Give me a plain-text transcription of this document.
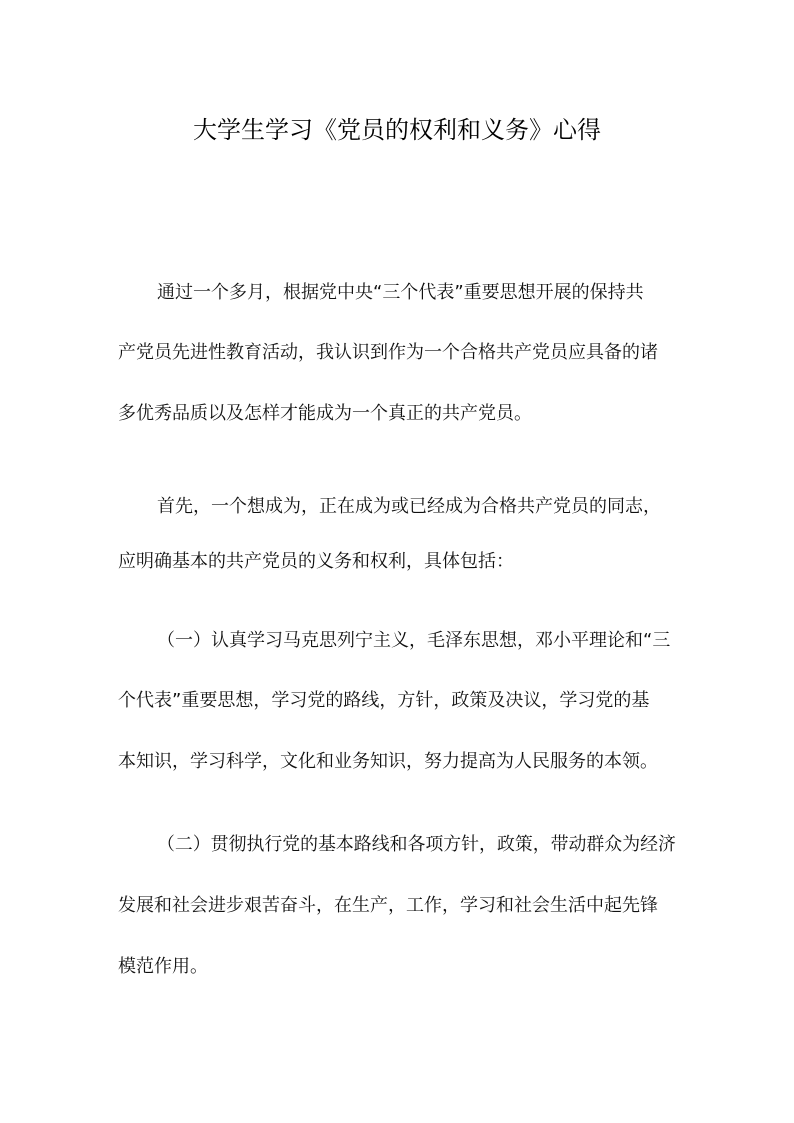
大学生学习《党员的权利和义务》心得
通过一个多月，根据党中央“三个代表”重要思想开展的保持共
产党员先进性教育活动，我认识到作为一个合格共产党员应具备的诸
多优秀品质以及怎样才能成为一个真正的共产党员。
首先，一个想成为，正在成为或已经成为合格共产党员的同志，
应明确基本的共产党员的义务和权利，具体包括：
（一）认真学习马克思列宁主义，毛泽东思想，邓小平理论和“三
个代表”重要思想，学习党的路线，方针，政策及决议，学习党的基
本知识，学习科学，文化和业务知识，努力提高为人民服务的本领。
（二）贯彻执行党的基本路线和各项方针，政策，带动群众为经济
发展和社会进步艰苦奋斗，在生产，工作，学习和社会生活中起先锋
模范作用。
